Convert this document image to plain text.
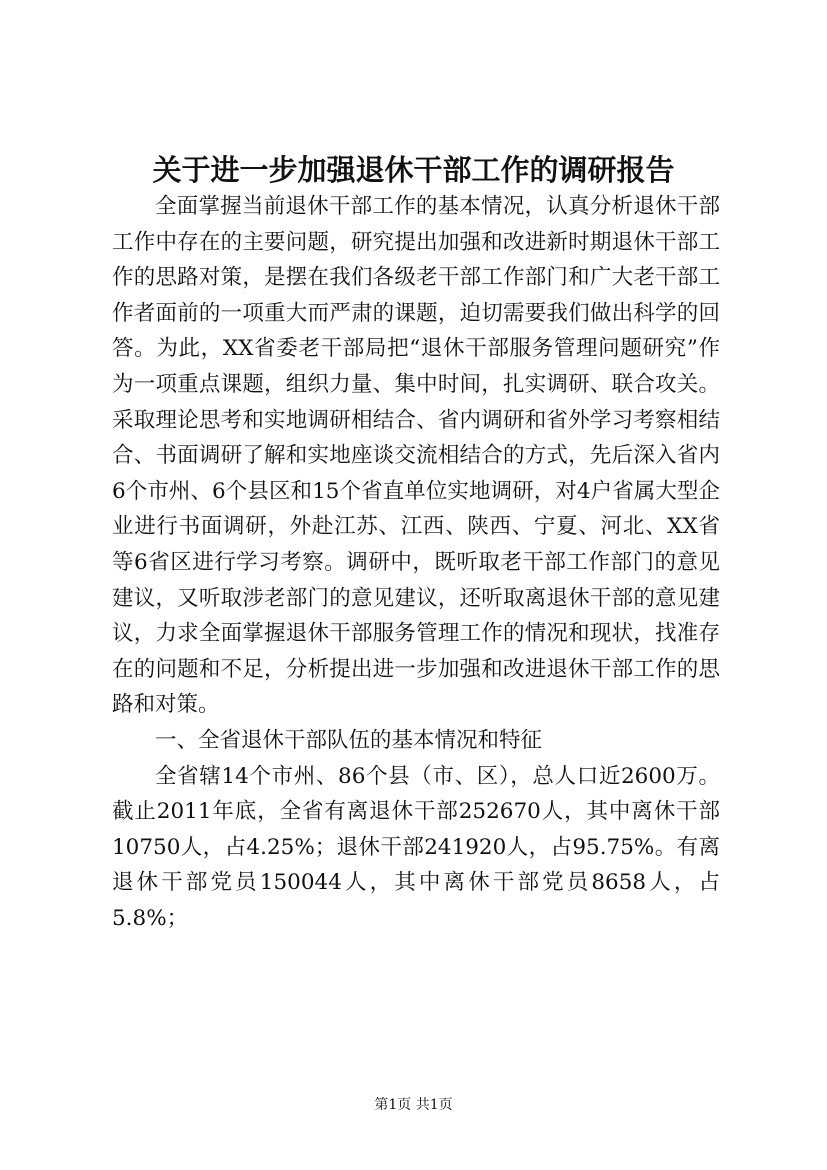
关于进一步加强退休干部工作的调研报告

全面掌握当前退休干部工作的基本情况，认真分析退休干部工作中存在的主要问题，研究提出加强和改进新时期退休干部工作的思路对策，是摆在我们各级老干部工作部门和广大老干部工作者面前的一项重大而严肃的课题，迫切需要我们做出科学的回答。为此，XX省委老干部局把“退休干部服务管理问题研究”作为一项重点课题，组织力量、集中时间，扎实调研、联合攻关。采取理论思考和实地调研相结合、省内调研和省外学习考察相结合、书面调研了解和实地座谈交流相结合的方式，先后深入省内6个市州、6个县区和15个省直单位实地调研，对4户省属大型企业进行书面调研，外赴江苏、江西、陕西、宁夏、河北、XX省等6省区进行学习考察。调研中，既听取老干部工作部门的意见建议，又听取涉老部门的意见建议，还听取离退休干部的意见建议，力求全面掌握退休干部服务管理工作的情况和现状，找准存在的问题和不足，分析提出进一步加强和改进退休干部工作的思路和对策。

一、全省退休干部队伍的基本情况和特征

全省辖14个市州、86个县（市、区），总人口近2600万。截止2011年底，全省有离退休干部252670人，其中离休干部10750人，占4.25%；退休干部241920人，占95.75%。有离退休干部党员150044人，其中离休干部党员8658人，占5.8%；

第1页 共1页
